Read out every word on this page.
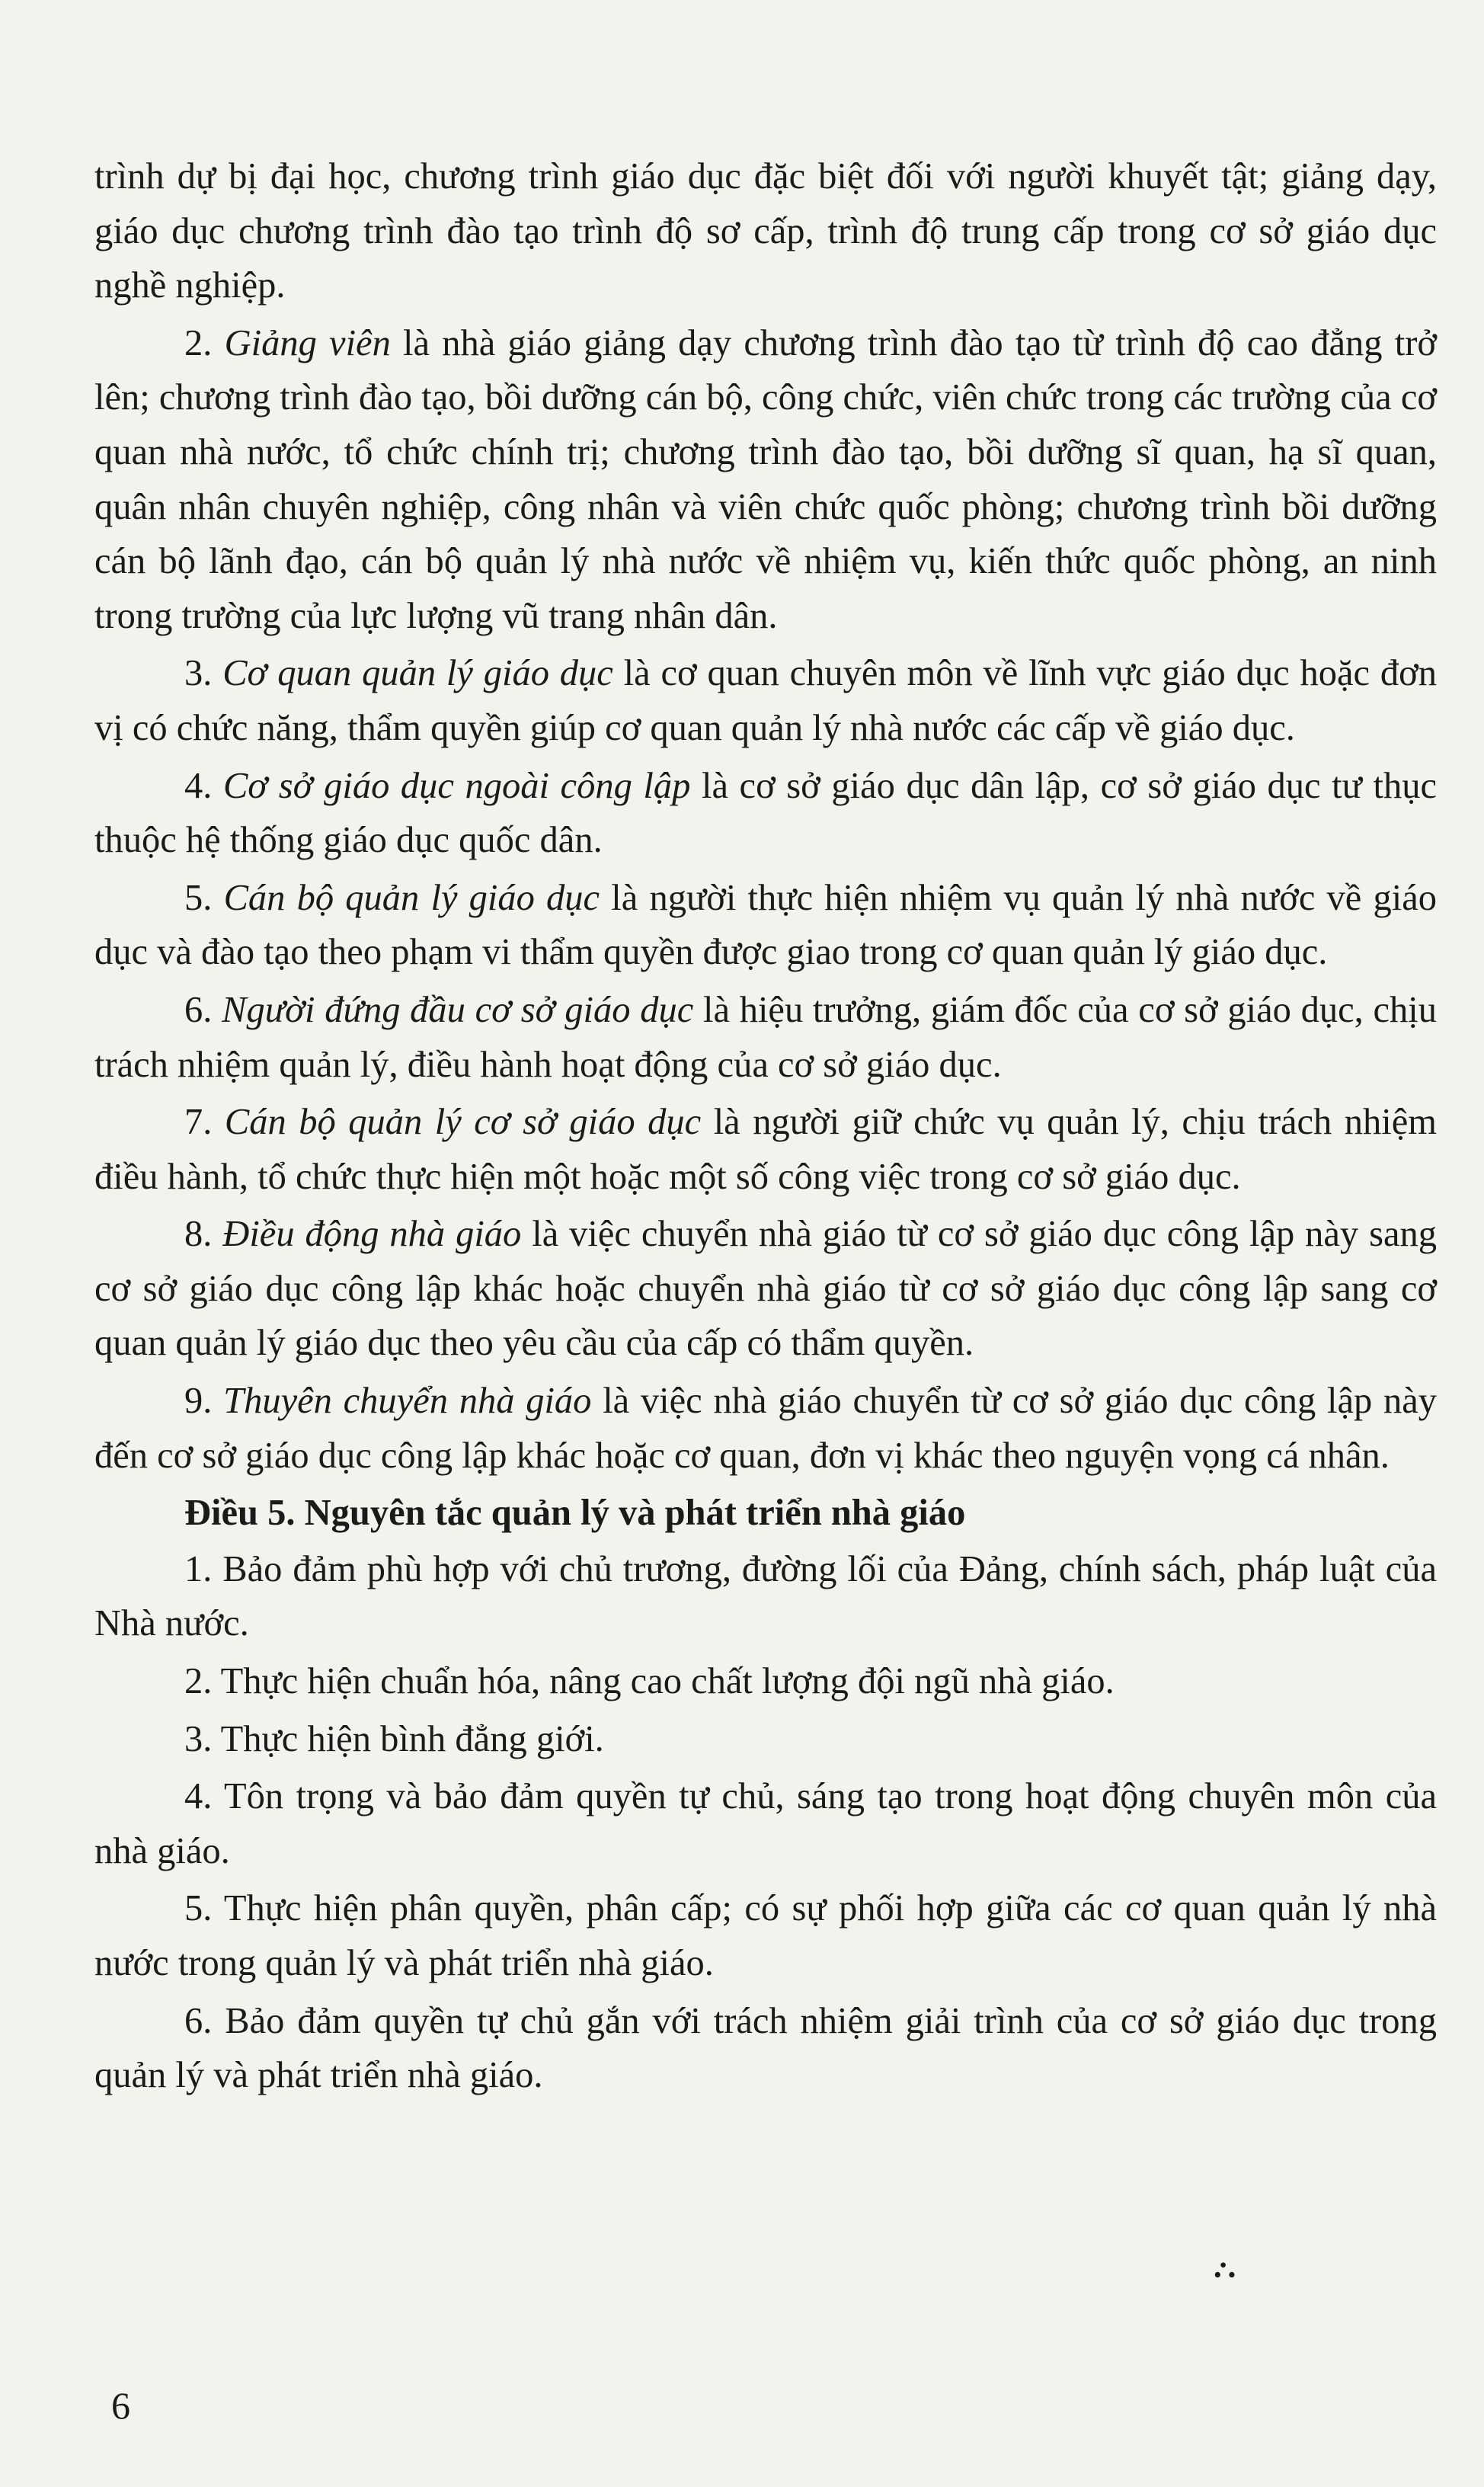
trình dự bị đại học, chương trình giáo dục đặc biệt đối với người khuyết tật; giảng dạy, giáo dục chương trình đào tạo trình độ sơ cấp, trình độ trung cấp trong cơ sở giáo dục nghề nghiệp.

2. Giảng viên là nhà giáo giảng dạy chương trình đào tạo từ trình độ cao đẳng trở lên; chương trình đào tạo, bồi dưỡng cán bộ, công chức, viên chức trong các trường của cơ quan nhà nước, tổ chức chính trị; chương trình đào tạo, bồi dưỡng sĩ quan, hạ sĩ quan, quân nhân chuyên nghiệp, công nhân và viên chức quốc phòng; chương trình bồi dưỡng cán bộ lãnh đạo, cán bộ quản lý nhà nước về nhiệm vụ, kiến thức quốc phòng, an ninh trong trường của lực lượng vũ trang nhân dân.

3. Cơ quan quản lý giáo dục là cơ quan chuyên môn về lĩnh vực giáo dục hoặc đơn vị có chức năng, thẩm quyền giúp cơ quan quản lý nhà nước các cấp về giáo dục.

4. Cơ sở giáo dục ngoài công lập là cơ sở giáo dục dân lập, cơ sở giáo dục tư thục thuộc hệ thống giáo dục quốc dân.

5. Cán bộ quản lý giáo dục là người thực hiện nhiệm vụ quản lý nhà nước về giáo dục và đào tạo theo phạm vi thẩm quyền được giao trong cơ quan quản lý giáo dục.

6. Người đứng đầu cơ sở giáo dục là hiệu trưởng, giám đốc của cơ sở giáo dục, chịu trách nhiệm quản lý, điều hành hoạt động của cơ sở giáo dục.

7. Cán bộ quản lý cơ sở giáo dục là người giữ chức vụ quản lý, chịu trách nhiệm điều hành, tổ chức thực hiện một hoặc một số công việc trong cơ sở giáo dục.

8. Điều động nhà giáo là việc chuyển nhà giáo từ cơ sở giáo dục công lập này sang cơ sở giáo dục công lập khác hoặc chuyển nhà giáo từ cơ sở giáo dục công lập sang cơ quan quản lý giáo dục theo yêu cầu của cấp có thẩm quyền.

9. Thuyên chuyển nhà giáo là việc nhà giáo chuyển từ cơ sở giáo dục công lập này đến cơ sở giáo dục công lập khác hoặc cơ quan, đơn vị khác theo nguyện vọng cá nhân.

Điều 5. Nguyên tắc quản lý và phát triển nhà giáo

1. Bảo đảm phù hợp với chủ trương, đường lối của Đảng, chính sách, pháp luật của Nhà nước.

2. Thực hiện chuẩn hóa, nâng cao chất lượng đội ngũ nhà giáo.

3. Thực hiện bình đẳng giới.

4. Tôn trọng và bảo đảm quyền tự chủ, sáng tạo trong hoạt động chuyên môn của nhà giáo.

5. Thực hiện phân quyền, phân cấp; có sự phối hợp giữa các cơ quan quản lý nhà nước trong quản lý và phát triển nhà giáo.

6. Bảo đảm quyền tự chủ gắn với trách nhiệm giải trình của cơ sở giáo dục trong quản lý và phát triển nhà giáo.

·̇·
6
